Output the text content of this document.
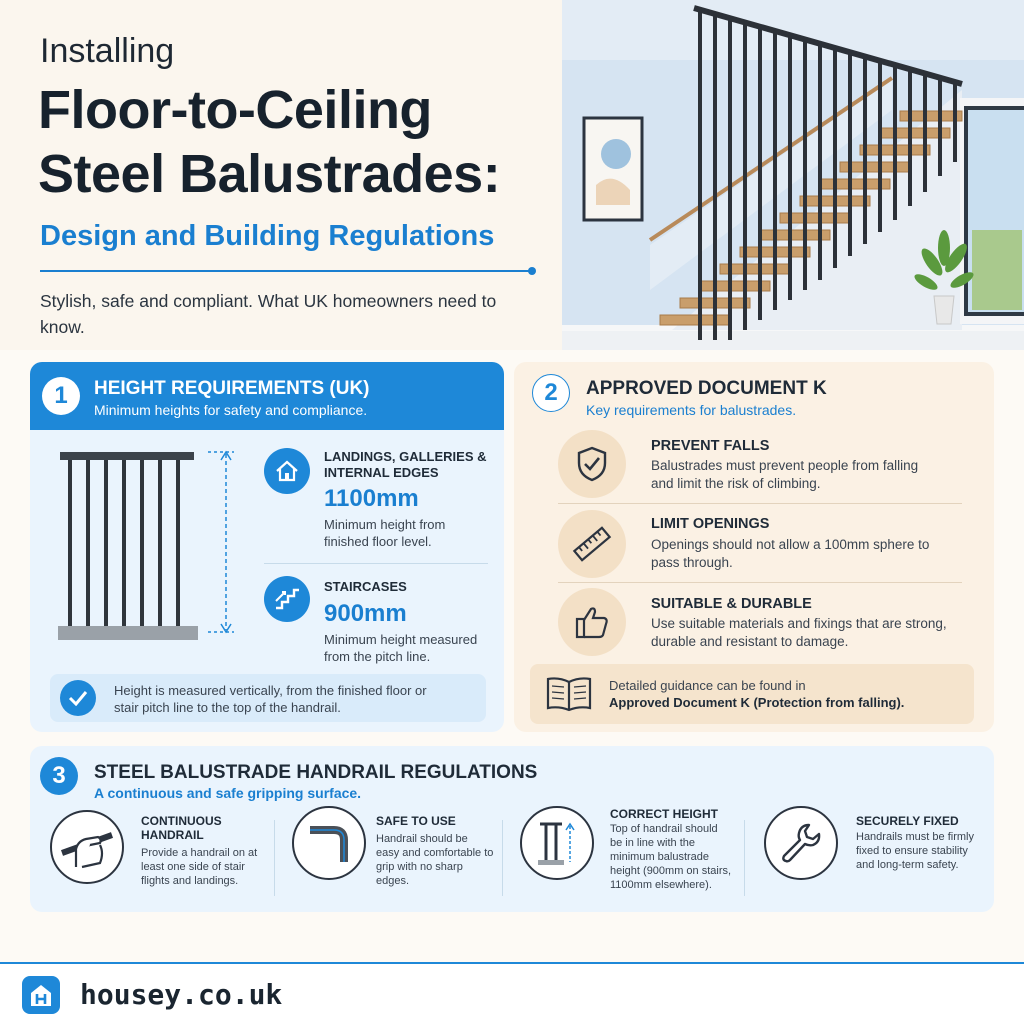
Installing
Floor-to-Ceiling
Steel Balustrades:
Design and Building Regulations
Stylish, safe and compliant. What UK homeowners need to know.
1	HEIGHT REQUIREMENTS (UK)
Minimum heights for safety and compliance.
LANDINGS, GALLERIES & INTERNAL EDGES
1100mm
Minimum height from finished floor level.
STAIRCASES
900mm
Minimum height measured from the pitch line.
Height is measured vertically, from the finished floor or stair pitch line to the top of the handrail.
2	APPROVED DOCUMENT K
Key requirements for balustrades.
PREVENT FALLS
Balustrades must prevent people from falling and limit the risk of climbing.
LIMIT OPENINGS
Openings should not allow a 100mm sphere to pass through.
SUITABLE & DURABLE
Use suitable materials and fixings that are strong, durable and resistant to damage.
Detailed guidance can be found in
Approved Document K (Protection from falling).
3	STEEL BALUSTRADE HANDRAIL REGULATIONS
A continuous and safe gripping surface.
CONTINUOUS HANDRAIL
Provide a handrail on at least one side of stair flights and landings.
SAFE TO USE
Handrail should be easy and comfortable to grip with no sharp edges.
CORRECT HEIGHT
Top of handrail should be in line with the minimum balustrade height (900mm on stairs, 1100mm elsewhere).
SECURELY FIXED
Handrails must be firmly fixed to ensure stability and long-term safety.
housey.co.uk
